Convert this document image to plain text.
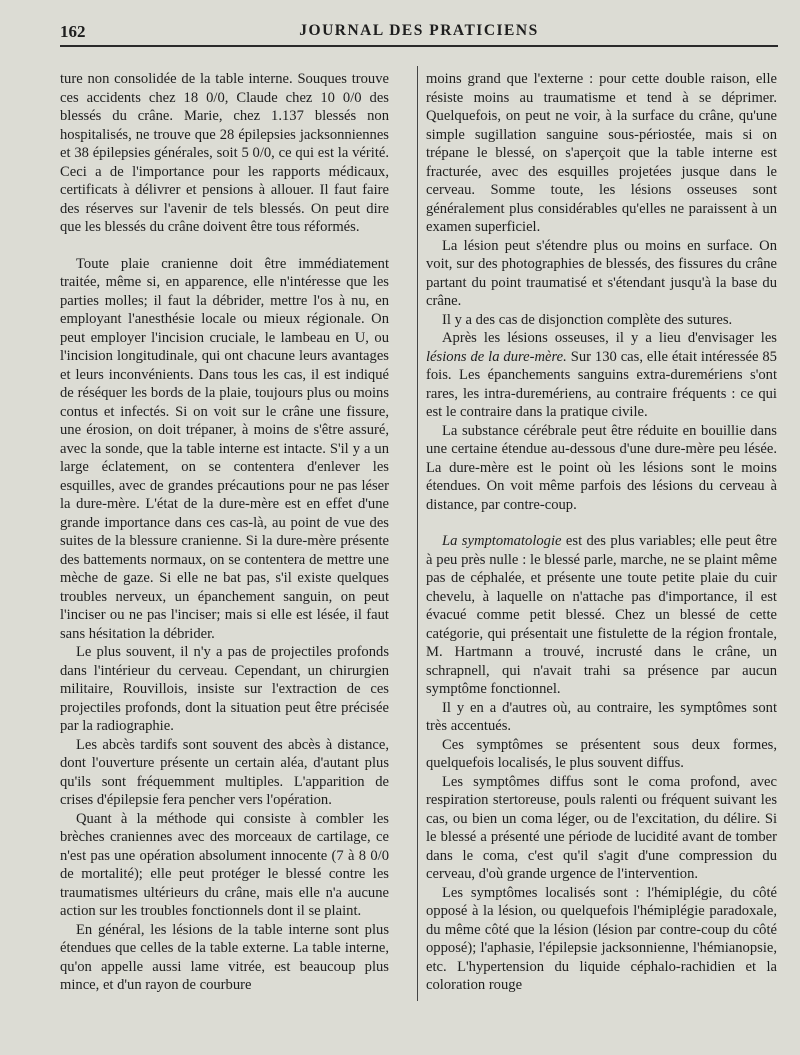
162	JOURNAL DES PRATICIENS

ture non consolidée de la table interne. Souques trouve ces accidents chez 18 0/0, Claude chez 10 0/0 des blessés du crâne. Marie, chez 1.137 blessés non hospitalisés, ne trouve que 28 épilepsies jacksonniennes et 38 épilepsies générales, soit 5 0/0, ce qui est la vérité. Ceci a de l'importance pour les rapports médicaux, certificats à délivrer et pensions à allouer. Il faut faire des réserves sur l'avenir de tels blessés. On peut dire que les blessés du crâne doivent être tous réformés.

Toute plaie cranienne doit être immédiatement traitée, même si, en apparence, elle n'intéresse que les parties molles; il faut la débrider, mettre l'os à nu, en employant l'anesthésie locale ou mieux régionale. On peut employer l'incision cruciale, le lambeau en U, ou l'incision longitudinale, qui ont chacune leurs avantages et leurs inconvénients. Dans tous les cas, il est indiqué de réséquer les bords de la plaie, toujours plus ou moins contus et infectés. Si on voit sur le crâne une fissure, une érosion, on doit trépaner, à moins de s'être assuré, avec la sonde, que la table interne est intacte. S'il y a un large éclatement, on se contentera d'enlever les esquilles, avec de grandes précautions pour ne pas léser la dure-mère. L'état de la dure-mère est en effet d'une grande importance dans ces cas-là, au point de vue des suites de la blessure cranienne. Si la dure-mère présente des battements normaux, on se contentera de mettre une mèche de gaze. Si elle ne bat pas, s'il existe quelques troubles nerveux, un épanchement sanguin, on peut l'inciser ou ne pas l'inciser; mais si elle est lésée, il faut sans hésitation la débrider.

Le plus souvent, il n'y a pas de projectiles profonds dans l'intérieur du cerveau. Cependant, un chirurgien militaire, Rouvillois, insiste sur l'extraction de ces projectiles profonds, dont la situation peut être précisée par la radiographie.

Les abcès tardifs sont souvent des abcès à distance, dont l'ouverture présente un certain aléa, d'autant plus qu'ils sont fréquemment multiples. L'apparition de crises d'épilepsie fera pencher vers l'opération.

Quant à la méthode qui consiste à combler les brèches craniennes avec des morceaux de cartilage, ce n'est pas une opération absolument innocente (7 à 8 0/0 de mortalité); elle peut protéger le blessé contre les traumatismes ultérieurs du crâne, mais elle n'a aucune action sur les troubles fonctionnels dont il se plaint.

En général, les lésions de la table interne sont plus étendues que celles de la table externe. La table interne, qu'on appelle aussi lame vitrée, est beaucoup plus mince, et d'un rayon de courbure

moins grand que l'externe : pour cette double raison, elle résiste moins au traumatisme et tend à se déprimer. Quelquefois, on peut ne voir, à la surface du crâne, qu'une simple sugillation sanguine sous-périostée, mais si on trépane le blessé, on s'aperçoit que la table interne est fracturée, avec des esquilles projetées jusque dans le cerveau. Somme toute, les lésions osseuses sont généralement plus considérables qu'elles ne paraissent à un examen superficiel.

La lésion peut s'étendre plus ou moins en surface. On voit, sur des photographies de blessés, des fissures du crâne partant du point traumatisé et s'étendant jusqu'à la base du crâne.

Il y a des cas de disjonction complète des sutures.

Après les lésions osseuses, il y a lieu d'envisager les lésions de la dure-mère. Sur 130 cas, elle était intéressée 85 fois. Les épanchements sanguins extra-duremériens s'ont rares, les intra-duremériens, au contraire fréquents : ce qui est le contraire dans la pratique civile.

La substance cérébrale peut être réduite en bouillie dans une certaine étendue au-dessous d'une dure-mère peu lésée. La dure-mère est le point où les lésions sont le moins étendues. On voit même parfois des lésions du cerveau à distance, par contre-coup.

La symptomatologie est des plus variables; elle peut être à peu près nulle : le blessé parle, marche, ne se plaint même pas de céphalée, et présente une toute petite plaie du cuir chevelu, à laquelle on n'attache pas d'importance, il est évacué comme petit blessé. Chez un blessé de cette catégorie, qui présentait une fistulette de la région frontale, M. Hartmann a trouvé, incrusté dans le crâne, un schrapnell, qui n'avait trahi sa présence par aucun symptôme fonctionnel.

Il y en a d'autres où, au contraire, les symptômes sont très accentués.

Ces symptômes se présentent sous deux formes, quelquefois localisés, le plus souvent diffus.

Les symptômes diffus sont le coma profond, avec respiration stertoreuse, pouls ralenti ou fréquent suivant les cas, ou bien un coma léger, ou de l'excitation, du délire. Si le blessé a présenté une période de lucidité avant de tomber dans le coma, c'est qu'il s'agit d'une compression du cerveau, d'où grande urgence de l'intervention.

Les symptômes localisés sont : l'hémiplégie, du côté opposé à la lésion, ou quelquefois l'hémiplégie paradoxale, du même côté que la lésion (lésion par contre-coup du côté opposé); l'aphasie, l'épilepsie jacksonnienne, l'hémianopsie, etc. L'hypertension du liquide céphalo-rachidien et la coloration rouge
